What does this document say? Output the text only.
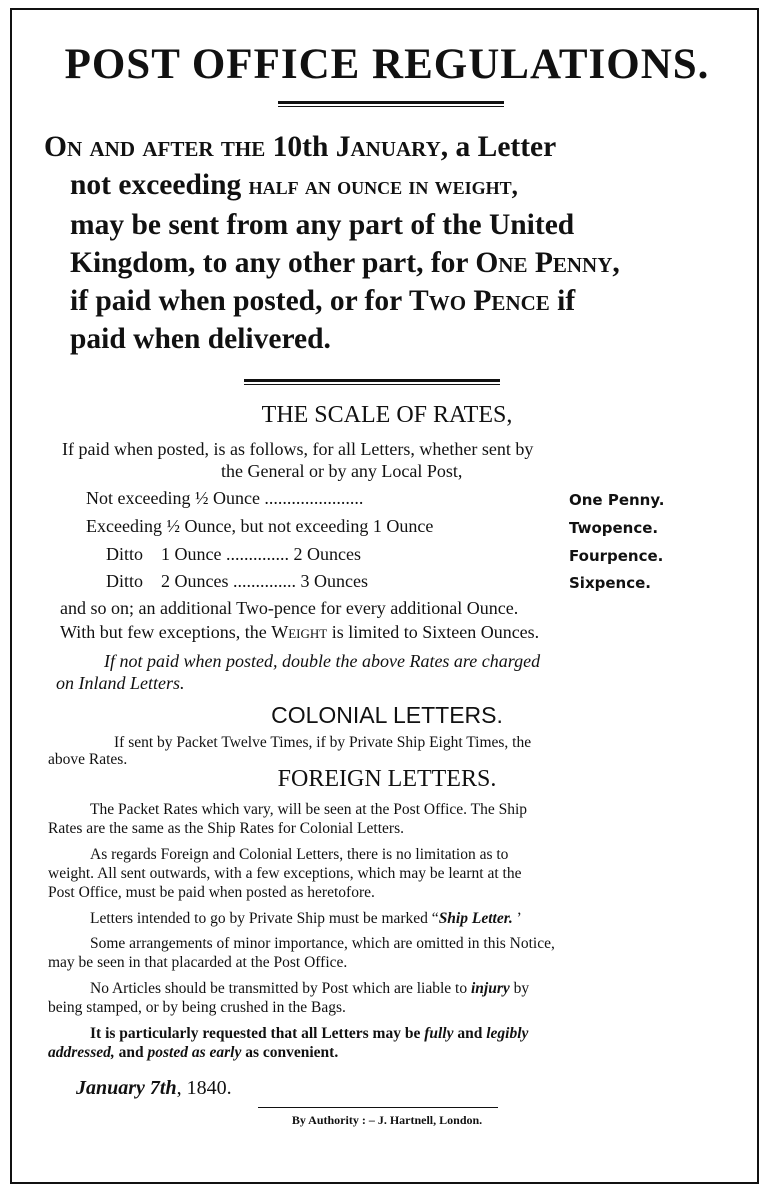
POST OFFICE REGULATIONS.
On and after the 10th January, a Letter
not exceeding half an ounce in weight,
may be sent from any part of the United
Kingdom, to any other part, for One Penny,
if paid when posted, or for Two Pence if
paid when delivered.
THE SCALE OF RATES,
If paid when posted, is as follows, for all Letters, whether sent by
the General or by any Local Post,
Not exceeding ½ Ounce ......................	One Penny.
Exceeding ½ Ounce, but not exceeding 1 Ounce	Twopence.
Ditto    1 Ounce .............. 2 Ounces	Fourpence.
Ditto    2 Ounces .............. 3 Ounces	Sixpence.
and so on; an additional Two-pence for every additional Ounce.
With but few exceptions, the Weight is limited to Sixteen Ounces.
If not paid when posted, double the above Rates are charged
on Inland Letters.
COLONIAL LETTERS.
If sent by Packet Twelve Times, if by Private Ship Eight Times, the
above Rates.
FOREIGN LETTERS.
The Packet Rates which vary, will be seen at the Post Office. The Ship
Rates are the same as the Ship Rates for Colonial Letters.
As regards Foreign and Colonial Letters, there is no limitation as to
weight. All sent outwards, with a few exceptions, which may be learnt at the
Post Office, must be paid when posted as heretofore.
Letters intended to go by Private Ship must be marked “Ship Letter. ’
Some arrangements of minor importance, which are omitted in this Notice,
may be seen in that placarded at the Post Office.
No Articles should be transmitted by Post which are liable to injury by
being stamped, or by being crushed in the Bags.
It is particularly requested that all Letters may be fully and legibly
addressed, and posted as early as convenient.
January 7th, 1840.
By Authority : – J. Hartnell, London.
